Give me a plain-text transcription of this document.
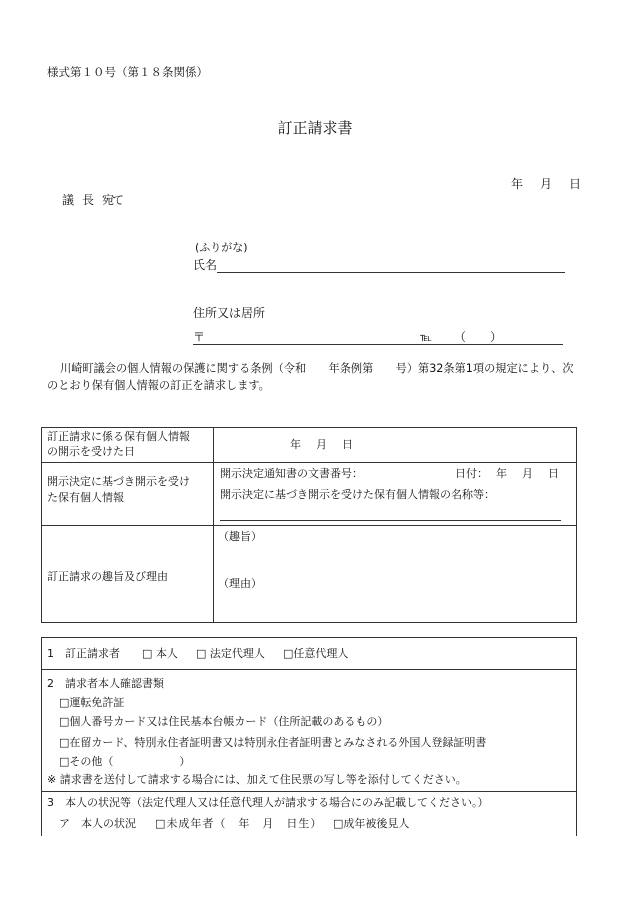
様式第１０号（第１８条関係）
訂正請求書
年　月　日
議　長　宛て
(ふりがな)
氏名
住所又は居所
〒	℡ （　　）
川崎町議会の個人情報の保護に関する条例（令和　　年条例第　　号）第32条第1項の規定により、次
のとおり保有個人情報の訂正を請求します。
訂正請求に係る保有個人情報
の開示を受けた日
年　月　日
開示決定に基づき開示を受け
た保有個人情報
開示決定通知書の文書番号：	日付： 年　月　日
開示決定に基づき開示を受けた保有個人情報の名称等：
訂正請求の趣旨及び理由
（趣旨）
（理由）
1　訂正請求者 □ 本人 □ 法定代理人 □任意代理人
2　請求者本人確認書類
□運転免許証
□個人番号カード又は住民基本台帳カード（住所記載のあるもの）
□在留カード、特別永住者証明書又は特別永住者証明書とみなされる外国人登録証明書
□その他（　　　　　　）
※ 請求書を送付して請求する場合には、加えて住民票の写し等を添付してください。
3　本人の状況等（法定代理人又は任意代理人が請求する場合にのみ記載してください。）
ア　本人の状況 □未成年者（　年　月　日生） □成年被後見人
